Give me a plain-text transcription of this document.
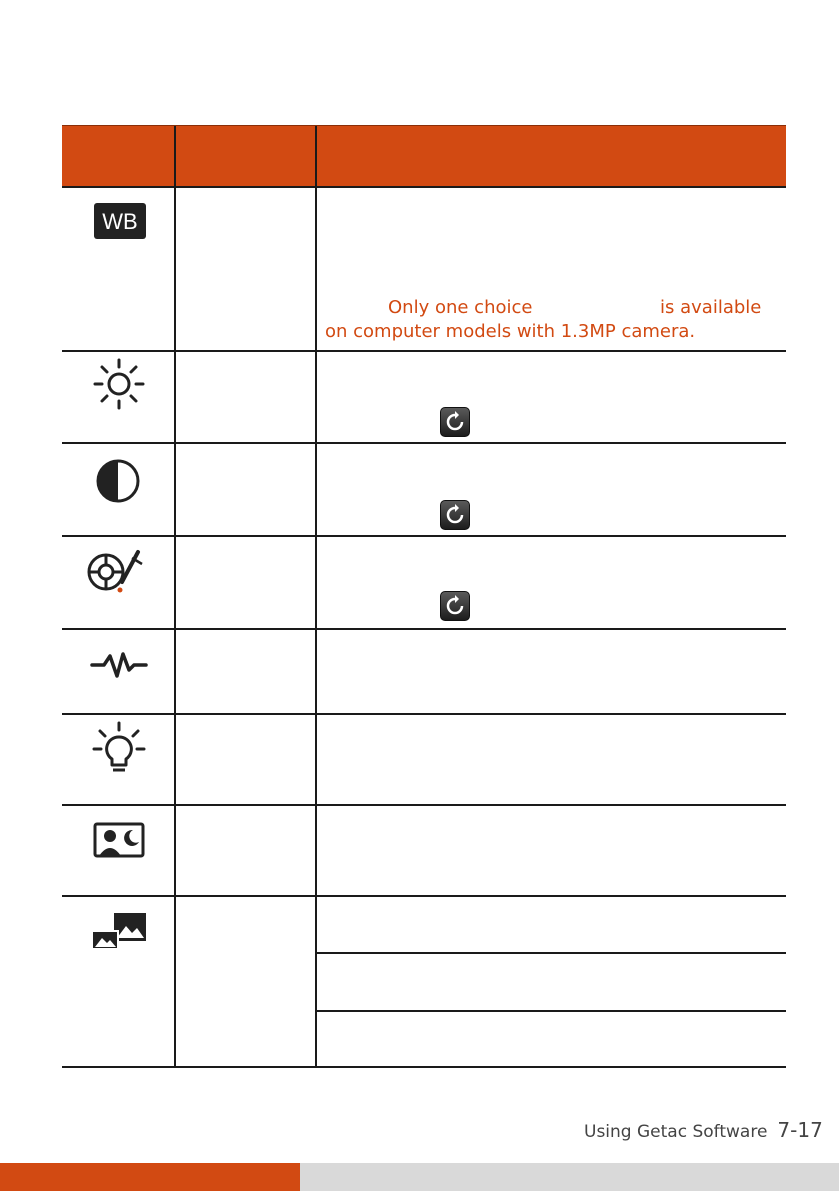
WB
Only one choice	is available
on computer models with 1.3MP camera.
Using Getac Software 7-17
